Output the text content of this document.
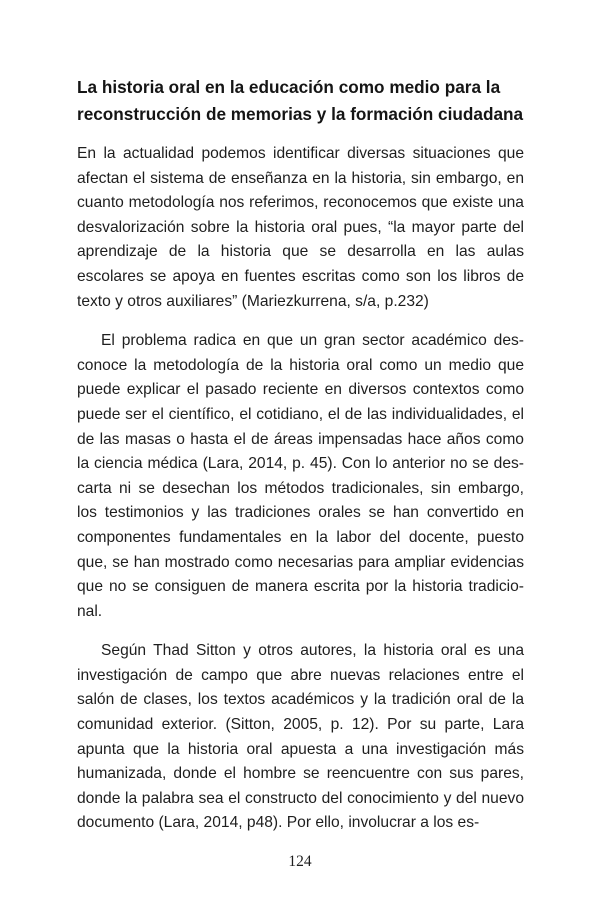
La historia oral en la educación como medio para la reconstrucción de memorias y la formación ciudadana

En la actualidad podemos identificar diversas situaciones que afectan el sistema de enseñanza en la historia, sin embargo, en cuanto metodología nos referimos, reconocemos que existe una desvalorización sobre la historia oral pues, “la mayor parte del aprendizaje de la historia que se desarrolla en las aulas escolares se apoya en fuentes escritas como son los libros de texto y otros auxiliares” (Mariezkurrena, s/a, p.232)

El problema radica en que un gran sector académico desconoce la metodología de la historia oral como un medio que puede explicar el pasado reciente en diversos contextos como puede ser el científico, el cotidiano, el de las individualidades, el de las masas o hasta el de áreas impensadas hace años como la ciencia médica (Lara, 2014, p. 45). Con lo anterior no se descarta ni se desechan los métodos tradicionales, sin embargo, los testimonios y las tradiciones orales se han convertido en componentes fundamentales en la labor del docente, puesto que, se han mostrado como necesarias para ampliar evidencias que no se consiguen de manera escrita por la historia tradicional.

Según Thad Sitton y otros autores, la historia oral es una investigación de campo que abre nuevas relaciones entre el salón de clases, los textos académicos y la tradición oral de la comunidad exterior. (Sitton, 2005, p. 12). Por su parte, Lara apunta que la historia oral apuesta a una investigación más humanizada, donde el hombre se reencuentre con sus pares, donde la palabra sea el constructo del conocimiento y del nuevo documento (Lara, 2014, p48). Por ello, involucrar a los es-

124
